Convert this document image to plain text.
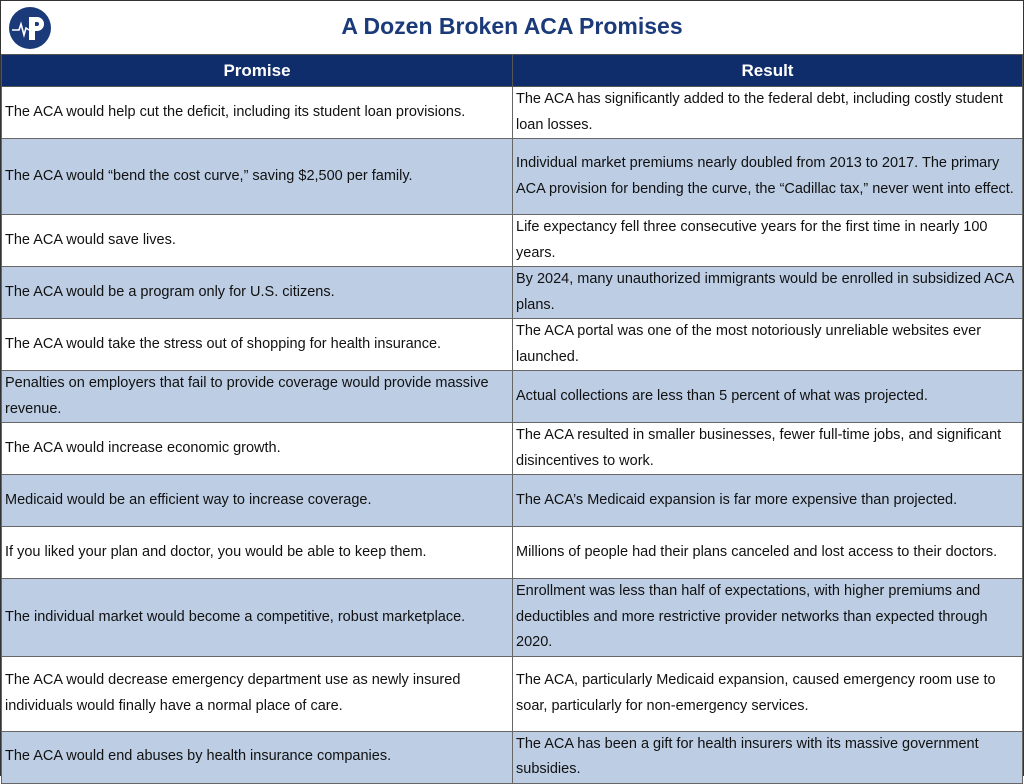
A Dozen Broken ACA Promises
Promise	Result
The ACA would help cut the deficit, including its student loan provisions.	The ACA has significantly added to the federal debt, including costly student loan losses.
The ACA would “bend the cost curve,” saving $2,500 per family.	Individual market premiums nearly doubled from 2013 to 2017. The primary ACA provision for bending the curve, the “Cadillac tax,” never went into effect.
The ACA would save lives.	Life expectancy fell three consecutive years for the first time in nearly 100 years.
The ACA would be a program only for U.S. citizens.	By 2024, many unauthorized immigrants would be enrolled in subsidized ACA plans.
The ACA would take the stress out of shopping for health insurance.	The ACA portal was one of the most notoriously unreliable websites ever launched.
Penalties on employers that fail to provide coverage would provide massive revenue.	Actual collections are less than 5 percent of what was projected.
The ACA would increase economic growth.	The ACA resulted in smaller businesses, fewer full-time jobs, and significant disincentives to work.
Medicaid would be an efficient way to increase coverage.	The ACA’s Medicaid expansion is far more expensive than projected.
If you liked your plan and doctor, you would be able to keep them.	Millions of people had their plans canceled and lost access to their doctors.
The individual market would become a competitive, robust marketplace.	Enrollment was less than half of expectations, with higher premiums and deductibles and more restrictive provider networks than expected through 2020.
The ACA would decrease emergency department use as newly insured individuals would finally have a normal place of care.	The ACA, particularly Medicaid expansion, caused emergency room use to soar, particularly for non-emergency services.
The ACA would end abuses by health insurance companies.	The ACA has been a gift for health insurers with its massive government subsidies.
